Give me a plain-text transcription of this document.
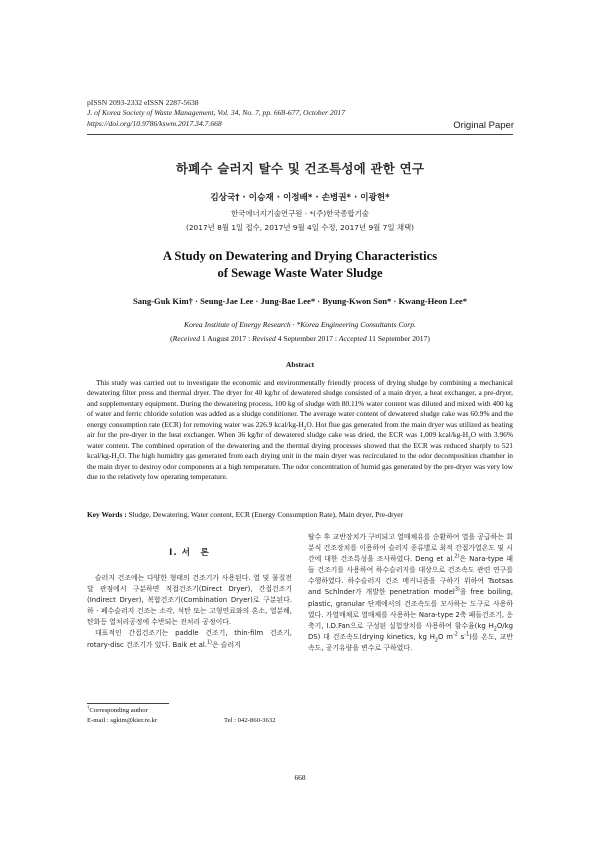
pISSN 2093-2332 eISSN 2287-5638
J. of Korea Society of Waste Management, Vol. 34, No. 7, pp. 668-677, October 2017
https://doi.org/10.9786/kswm.2017.34.7.668	Original Paper
하폐수 슬러지 탈수 및 건조특성에 관한 연구
김상국† · 이승재 · 이정배* · 손병권* · 이광헌*
한국에너지기술연구원 · *(주)한국종합기술
(2017년 8월 1일 접수, 2017년 9월 4일 수정, 2017년 9월 7일 채택)
A Study on Dewatering and Drying Characteristics
of Sewage Waste Water Sludge
Sang-Guk Kim† · Seung-Jae Lee · Jung-Bae Lee* · Byung-Kwon Son* · Kwang-Heon Lee*
Korea Institute of Energy Research · *Korea Engineering Consultants Corp.
(Received 1 August 2017 : Revised 4 September 2017 : Accepted 11 September 2017)
Abstract

This study was carried out to investigate the economic and environmentally friendly process of drying sludge by combining a mechanical dewatering filter press and thermal dryer. The dryer for 40 kg/hr of dewatered sludge consisted of a main dryer, a heat exchanger, a pre-dryer, and supplementary equipment. During the dewatering process, 100 kg of sludge with 80.11% water content was diluted and mixed with 400 kg of water and ferric chloride solution was added as a sludge conditioner. The average water content of dewatered sludge cake was 60.9% and the energy consumption rate (ECR) for removing water was 226.9 kcal/$kg-H_2O$. Hot flue gas generated from the main dryer was utilized as heating air for the pre-dryer in the heat exchanger. When 36 kg/hr of dewatered sludge cake was dried, the ECR was 1,009 kcal/$kg-H_2O$ with 3.96% water content. The combined operation of the dewatering and the thermal drying processes showed that the ECR was reduced sharply to 521 kcal/$kg-H_2O$. The high humidity gas generated from each drying unit in the main dryer was recirculated to the odor decomposition chamber in the main dryer to destroy odor components at a high temperature. The odor concentration of humid gas generated by the pre-dryer was very low due to the relatively low operating temperature.

Key Words : Sludge, Dewatering, Water content, ECR (Energy Consumption Rate), Main dryer, Pre-dryer
I. 서　론

슬러지 건조에는 다양한 형태의 건조기가 사용된다. 열 및 물질전달 관점에서 구분하면 직접건조기(Direct Dryer), 간접건조기(Indirect Dryer), 복합건조기(Combination Dryer)로 구분된다. 하 · 폐수슬러지 건조는 소각, 석탄 또는 고형연료와의 혼소, 열분해, 탄화등 열처리공정에 수반되는 전처리 공정이다.

대표적인 간접건조기는 paddle 건조기, thin-film 건조기, rotary-disc 건조기가 있다. Baik et al.$^{1)}$은 슬러지

탈수 후 교반장치가 구비되고 열매체유를 순환하여 열을 공급하는 회분식 건조장치를 이용하여 슬러지 종류별로 최적 간접가열온도 및 시간에 대한 건조특성을 조사하였다. Deng et al.$^{2)}$은 Nara-type 패들 건조기를 사용하여 하수슬러지를 대상으로 건조속도 관련 연구를 수행하였다. 하수슬러지 건조 메커니즘을 구하기 위하여 Tsotsas and Schlnder가 개발한 penetration model$^{3)}$을 free boiling, plastic, granular 단계에서의 건조속도를 모사하는 도구로 사용하였다. 가열매체로 열매체를 사용하는 Nara-type 2축 패들건조기, 응축기, I.D.Fan으로 구성된 실험장치를 사용하여 함수율(kg $H_2O/kg$ DS) 대 건조속도(drying kinetics, kg $H_2O$ $m^{-2}$ $s^{-1}$)를 온도, 교반속도, 공기유량을 변수로 구하였다.

†Corresponding author
E-mail : sgkim@kier.re.kr	Tel : 042-860-3632
668
